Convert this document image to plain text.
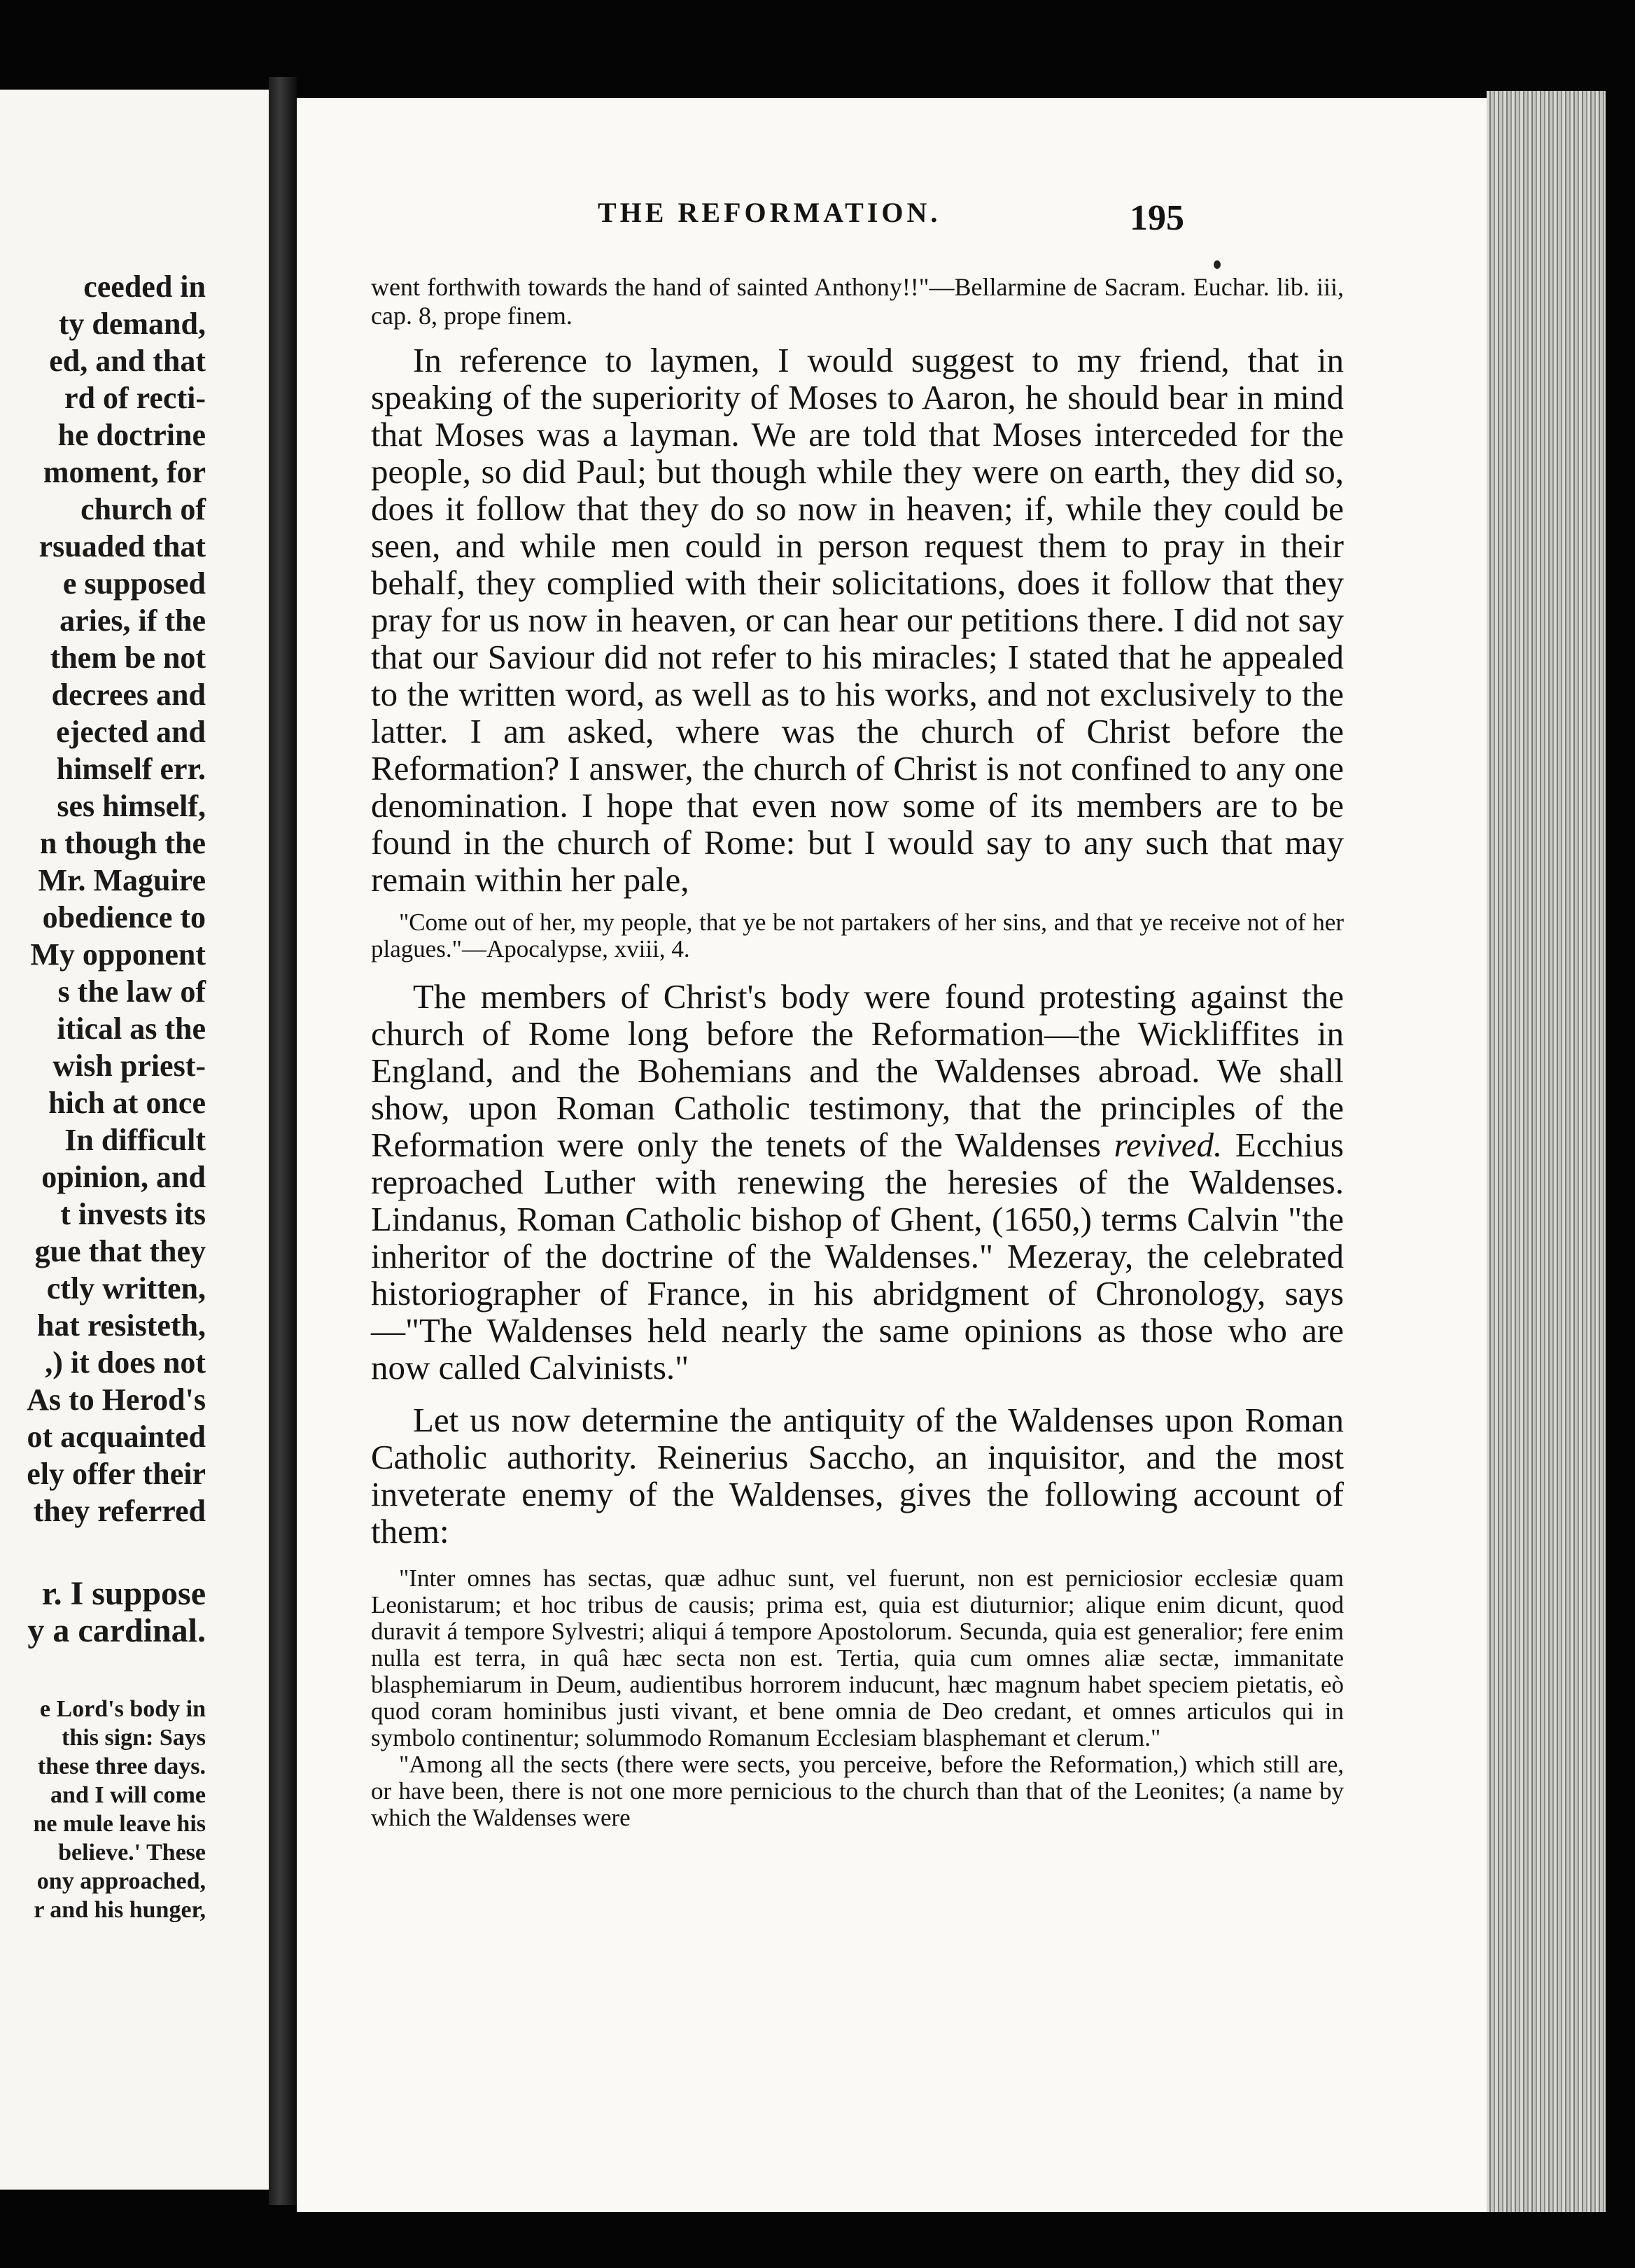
ceeded in
ty demand,
ed, and that
rd of recti-
he doctrine
moment, for
church of
rsuaded that
e supposed
aries, if the
them be not
decrees and
ejected and
himself err.
ses himself,
n though the
Mr. Maguire
obedience to
My opponent
s the law of
itical as the
wish priest-
hich at once
In difficult
opinion, and
t invests its
gue that they
ctly written,
hat resisteth,
,) it does not
As to Herod's
ot acquainted
ely offer their
they referred
r. I suppose
y a cardinal.
e Lord's body in
this sign: Says
these three days.
and I will come
ne mule leave his
believe.' These
ony approached,
r and his hunger,
THE REFORMATION.	195

went forthwith towards the hand of sainted Anthony!!"—Bellarmine de Sacram. Euchar. lib. iii, cap. 8, prope finem.

In reference to laymen, I would suggest to my friend, that in speaking of the superiority of Moses to Aaron, he should bear in mind that Moses was a layman. We are told that Moses interceded for the people, so did Paul; but though while they were on earth, they did so, does it follow that they do so now in heaven; if, while they could be seen, and while men could in person request them to pray in their behalf, they complied with their solicitations, does it follow that they pray for us now in heaven, or can hear our petitions there. I did not say that our Saviour did not refer to his miracles; I stated that he appealed to the written word, as well as to his works, and not exclusively to the latter. I am asked, where was the church of Christ before the Reformation? I answer, the church of Christ is not confined to any one denomination. I hope that even now some of its members are to be found in the church of Rome: but I would say to any such that may remain within her pale,

"Come out of her, my people, that ye be not partakers of her sins, and that ye receive not of her plagues."—Apocalypse, xviii, 4.

The members of Christ's body were found protesting against the church of Rome long before the Reformation—the Wickliffites in England, and the Bohemians and the Waldenses abroad. We shall show, upon Roman Catholic testimony, that the principles of the Reformation were only the tenets of the Waldenses revived. Ecchius reproached Luther with renewing the heresies of the Waldenses. Lindanus, Roman Catholic bishop of Ghent, (1650,) terms Calvin "the inheritor of the doctrine of the Waldenses." Mezeray, the celebrated historiographer of France, in his abridgment of Chronology, says—"The Waldenses held nearly the same opinions as those who are now called Calvinists."

Let us now determine the antiquity of the Waldenses upon Roman Catholic authority. Reinerius Saccho, an inquisitor, and the most inveterate enemy of the Waldenses, gives the following account of them:

"Inter omnes has sectas, quæ adhuc sunt, vel fuerunt, non est perniciosior ecclesiæ quam Leonistarum; et hoc tribus de causis; prima est, quia est diuturnior; alique enim dicunt, quod duravit á tempore Sylvestri; aliqui á tempore Apostolorum. Secunda, quia est generalior; fere enim nulla est terra, in quâ hæc secta non est. Tertia, quia cum omnes aliæ sectæ, immanitate blasphemiarum in Deum, audientibus horrorem inducunt, hæc magnum habet speciem pietatis, eò quod coram hominibus justi vivant, et bene omnia de Deo credant, et omnes articulos qui in symbolo continentur; solummodo Romanum Ecclesiam blasphemant et clerum."

"Among all the sects (there were sects, you perceive, before the Reformation,) which still are, or have been, there is not one more pernicious to the church than that of the Leonites; (a name by which the Waldenses were
